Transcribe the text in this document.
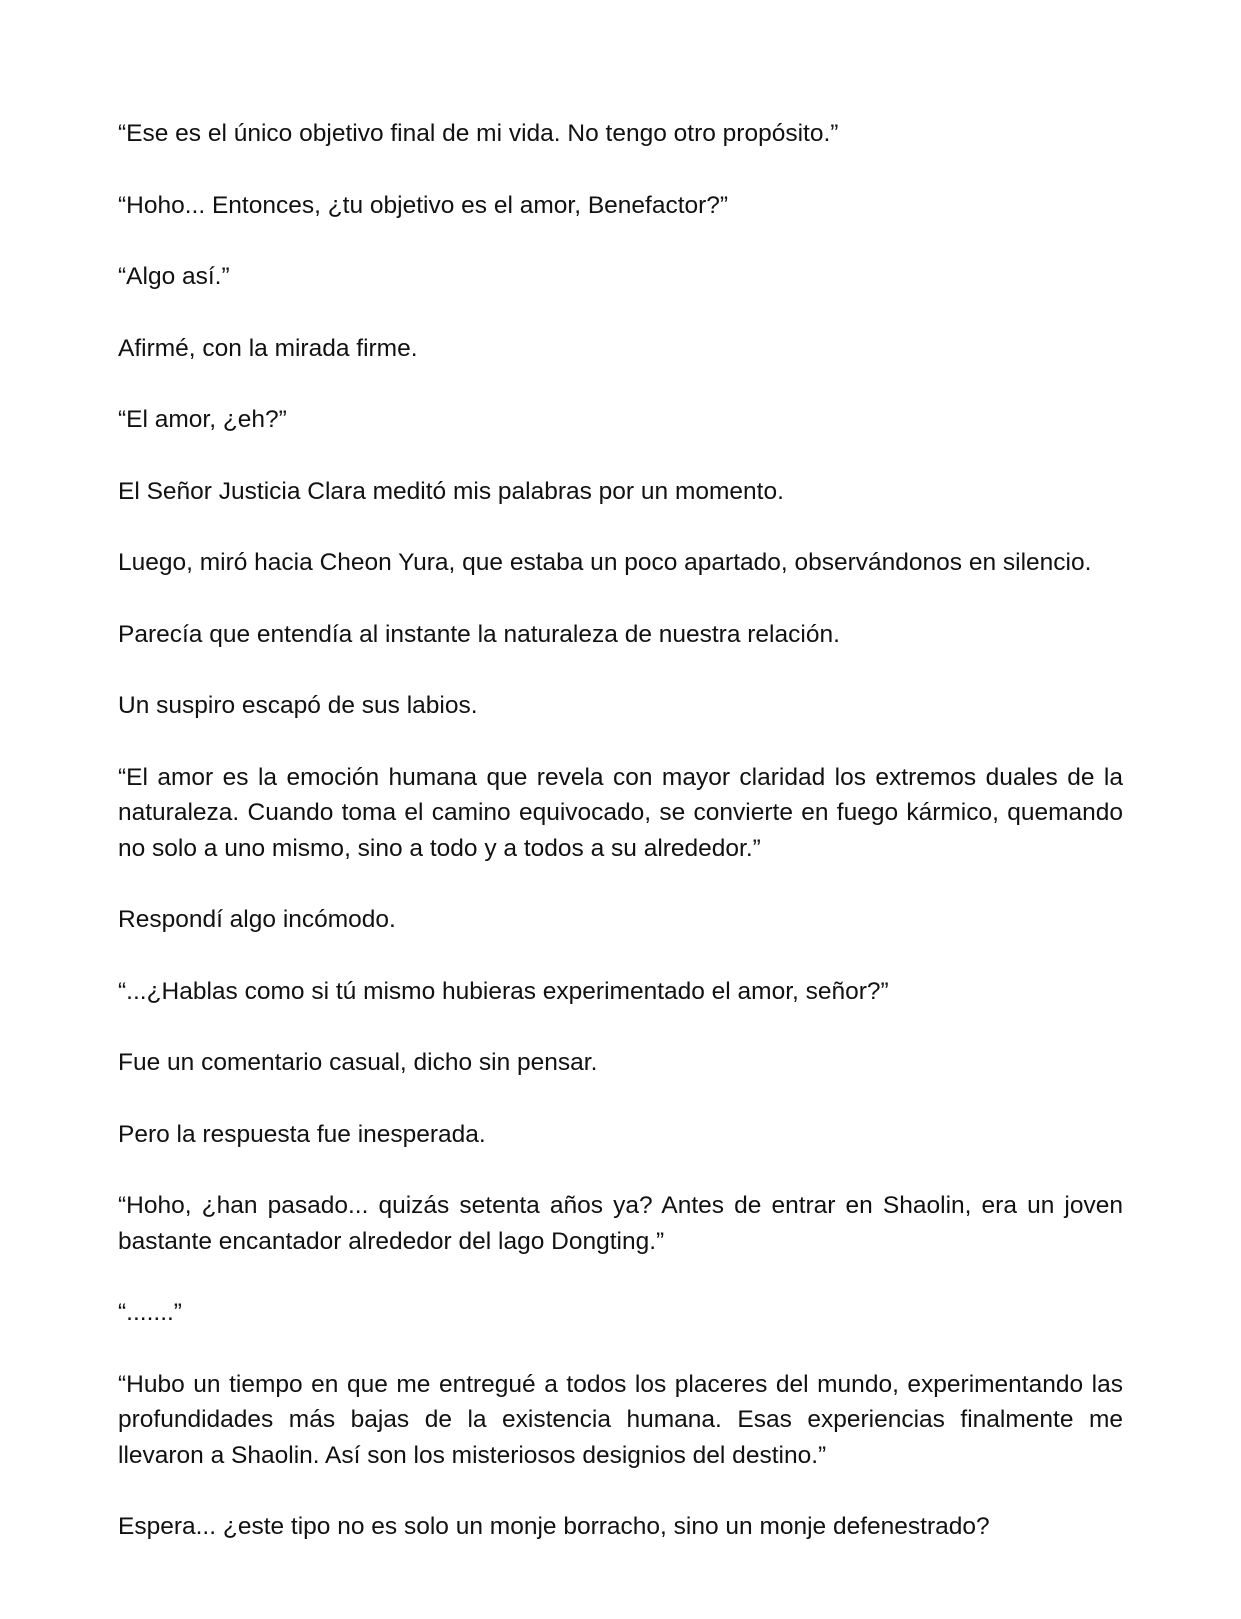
“Ese es el único objetivo final de mi vida. No tengo otro propósito.”

“Hoho... Entonces, ¿tu objetivo es el amor, Benefactor?”

“Algo así.”

Afirmé, con la mirada firme.

“El amor, ¿eh?”

El Señor Justicia Clara meditó mis palabras por un momento.

Luego, miró hacia Cheon Yura, que estaba un poco apartado, observándonos en silencio.

Parecía que entendía al instante la naturaleza de nuestra relación.

Un suspiro escapó de sus labios.

“El amor es la emoción humana que revela con mayor claridad los extremos duales de la naturaleza. Cuando toma el camino equivocado, se convierte en fuego kármico, quemando no solo a uno mismo, sino a todo y a todos a su alrededor.”

Respondí algo incómodo.

“...¿Hablas como si tú mismo hubieras experimentado el amor, señor?”

Fue un comentario casual, dicho sin pensar.

Pero la respuesta fue inesperada.

“Hoho, ¿han pasado... quizás setenta años ya? Antes de entrar en Shaolin, era un joven bastante encantador alrededor del lago Dongting.”

“.......”

“Hubo un tiempo en que me entregué a todos los placeres del mundo, experimentando las profundidades más bajas de la existencia humana. Esas experiencias finalmente me llevaron a Shaolin. Así son los misteriosos designios del destino.”

Espera... ¿este tipo no es solo un monje borracho, sino un monje defenestrado?
